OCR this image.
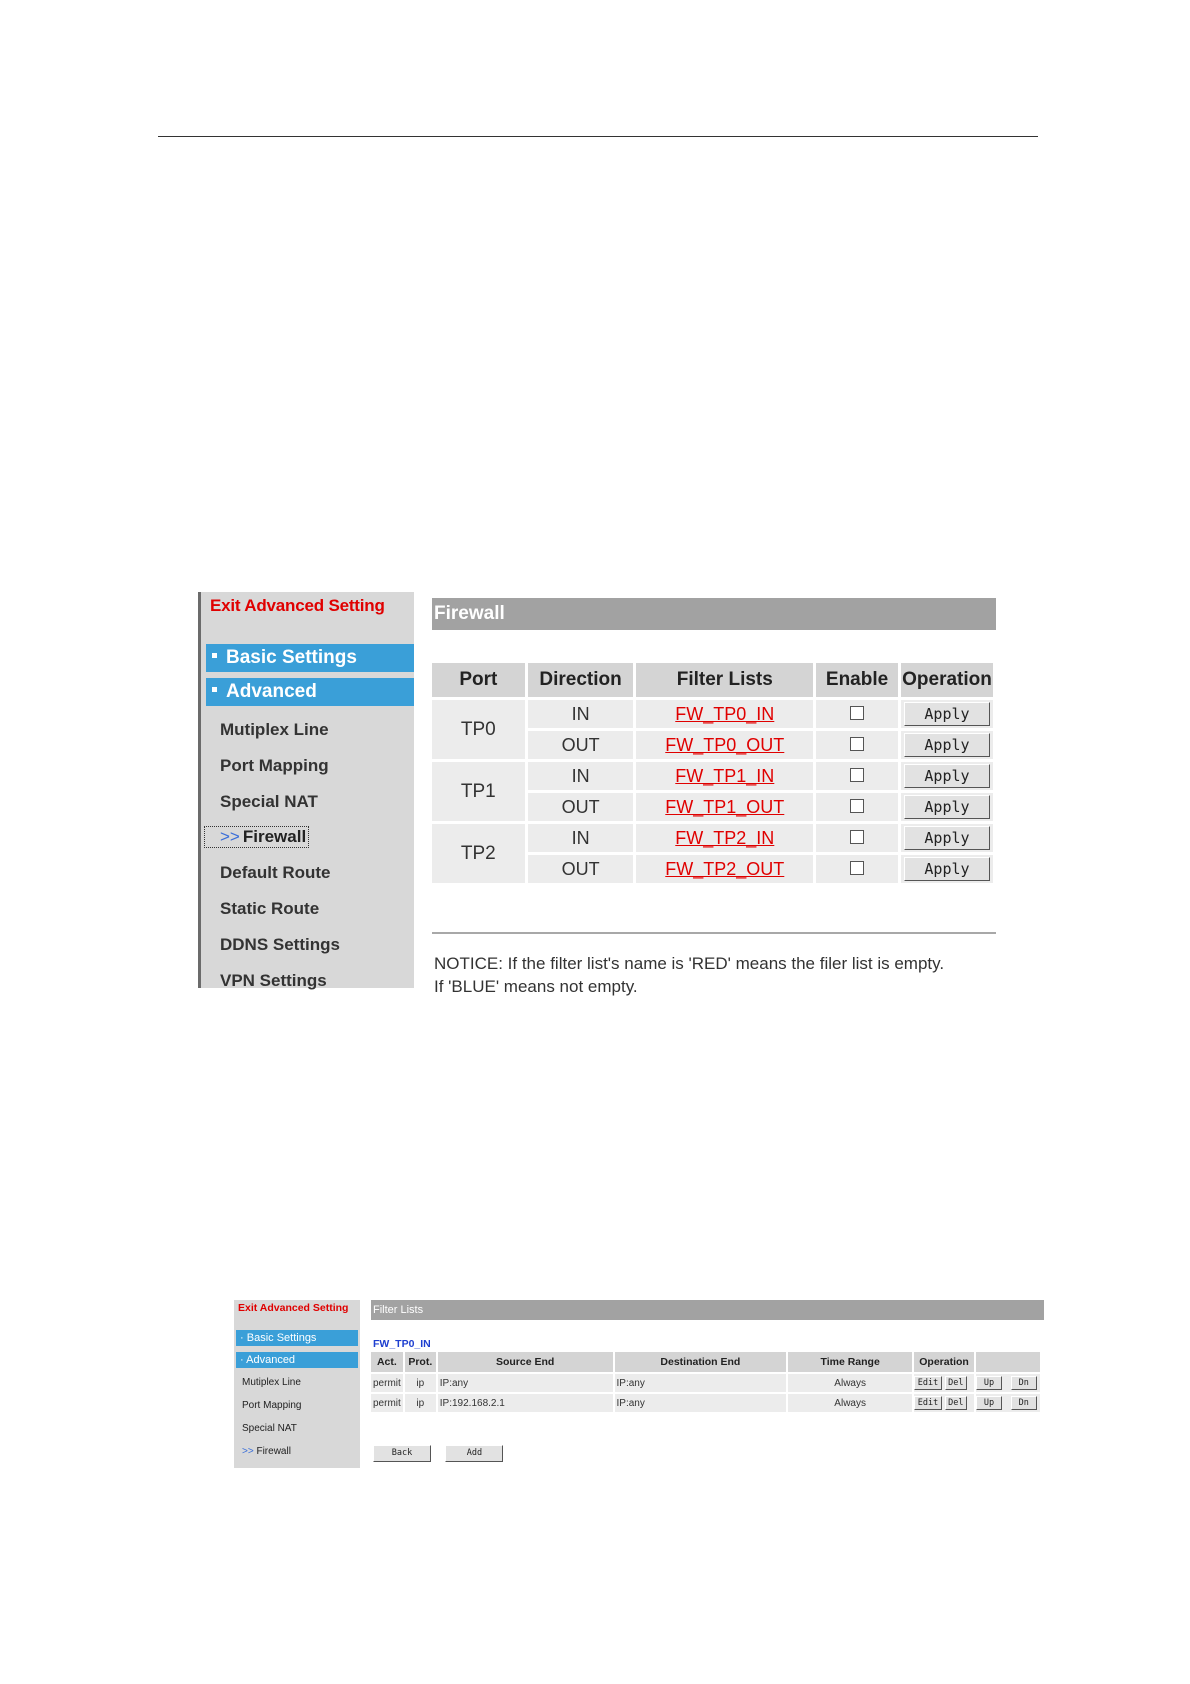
Exit Advanced Setting
Basic Settings
Advanced
Mutiplex Line
Port Mapping
Special NAT
>> Firewall
Default Route
Static Route
DDNS Settings
VPN Settings
Firewall
Port	Direction	Filter Lists	Enable	Operation
TP0	IN	FW_TP0_IN		Apply
	OUT	FW_TP0_OUT		Apply
TP1	IN	FW_TP1_IN		Apply
	OUT	FW_TP1_OUT		Apply
TP2	IN	FW_TP2_IN		Apply
	OUT	FW_TP2_OUT		Apply
NOTICE: If the filter list's name is 'RED' means the filer list is empty.
If 'BLUE' means not empty.
Exit Advanced Setting
· Basic Settings
· Advanced
Mutiplex Line
Port Mapping
Special NAT
>> Firewall
Filter Lists
FW_TP0_IN
Act.	Prot.	Source End	Destination End	Time Range	Operation	
permit	ip	IP:any	IP:any	Always	Edit Del	Up Dn
permit	ip	IP:192.168.2.1	IP:any	Always	Edit Del	Up Dn
Back	Add
